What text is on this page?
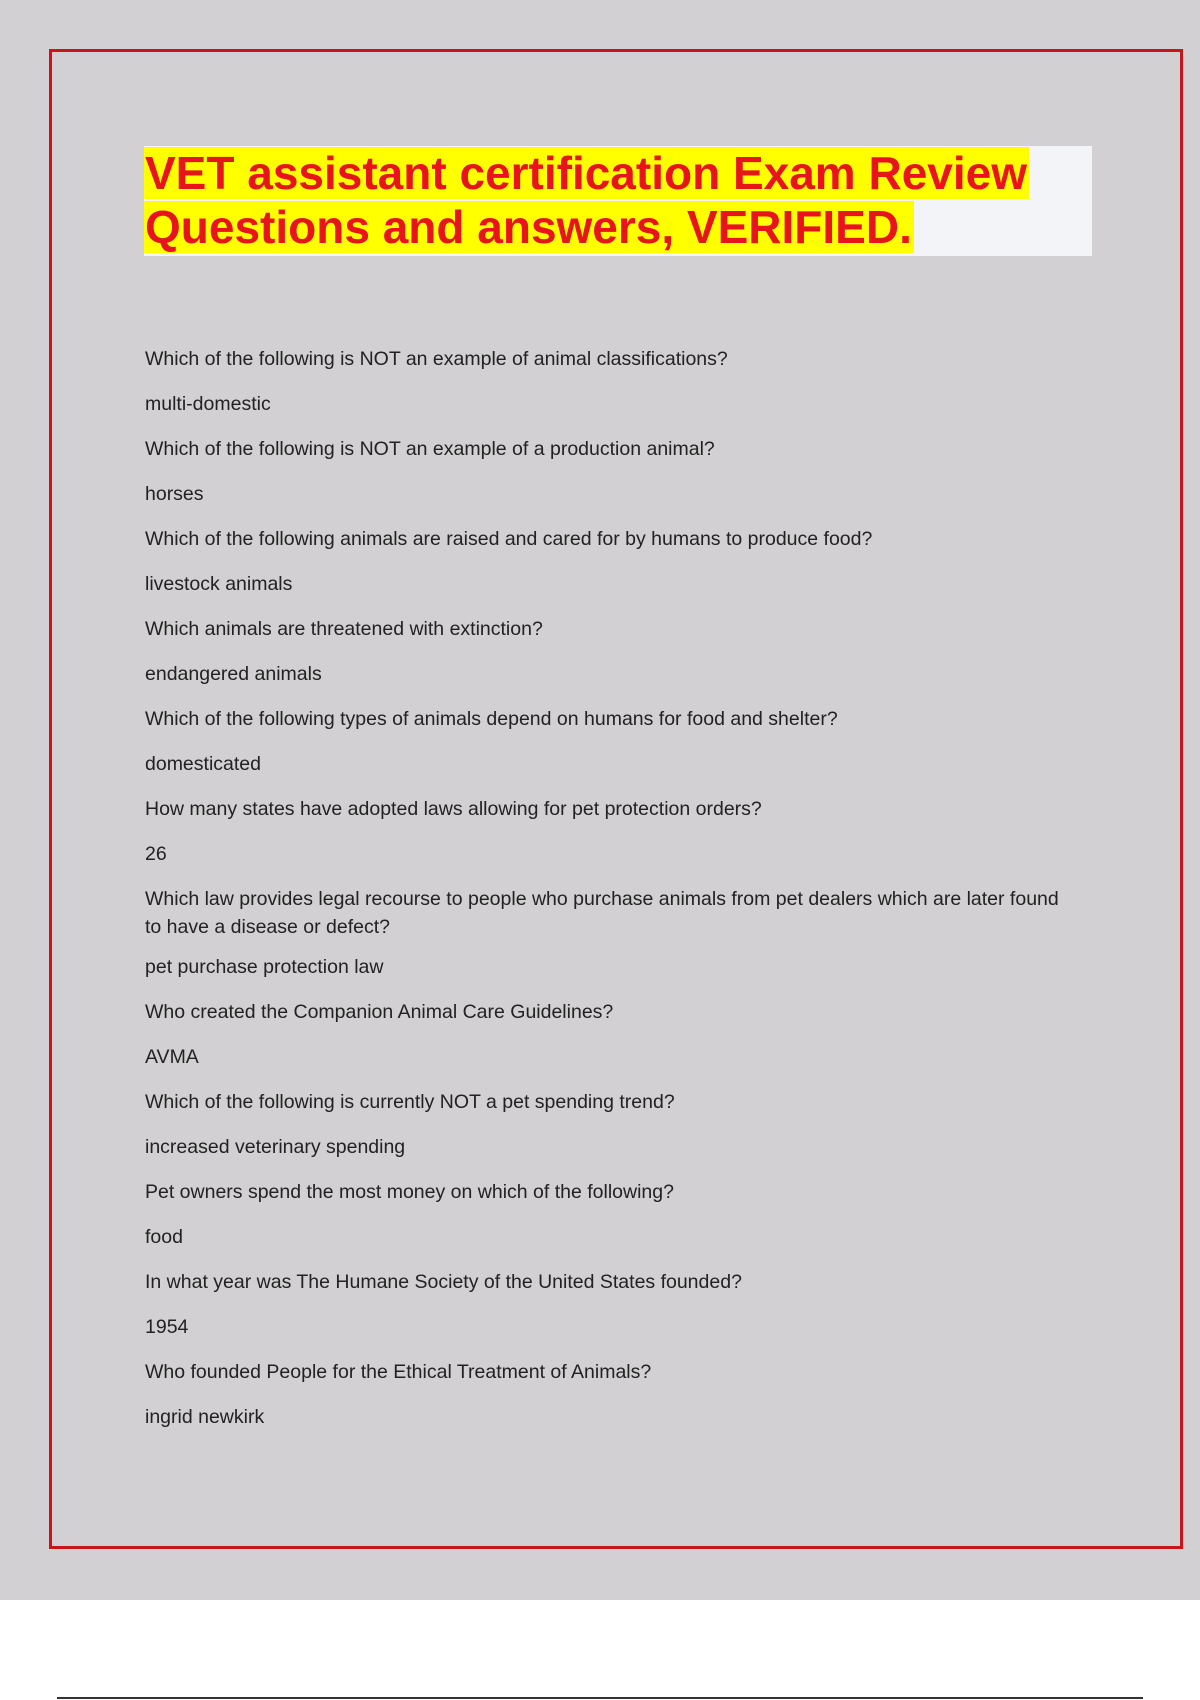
VET assistant certification Exam Review
Questions and answers, VERIFIED.
Which of the following is NOT an example of animal classifications?
multi-domestic
Which of the following is NOT an example of a production animal?
horses
Which of the following animals are raised and cared for by humans to produce food?
livestock animals
Which animals are threatened with extinction?
endangered animals
Which of the following types of animals depend on humans for food and shelter?
domesticated
How many states have adopted laws allowing for pet protection orders?
26
Which law provides legal recourse to people who purchase animals from pet dealers which are later found to have a disease or defect?
pet purchase protection law
Who created the Companion Animal Care Guidelines?
AVMA
Which of the following is currently NOT a pet spending trend?
increased veterinary spending
Pet owners spend the most money on which of the following?
food
In what year was The Humane Society of the United States founded?
1954
Who founded People for the Ethical Treatment of Animals?
ingrid newkirk
